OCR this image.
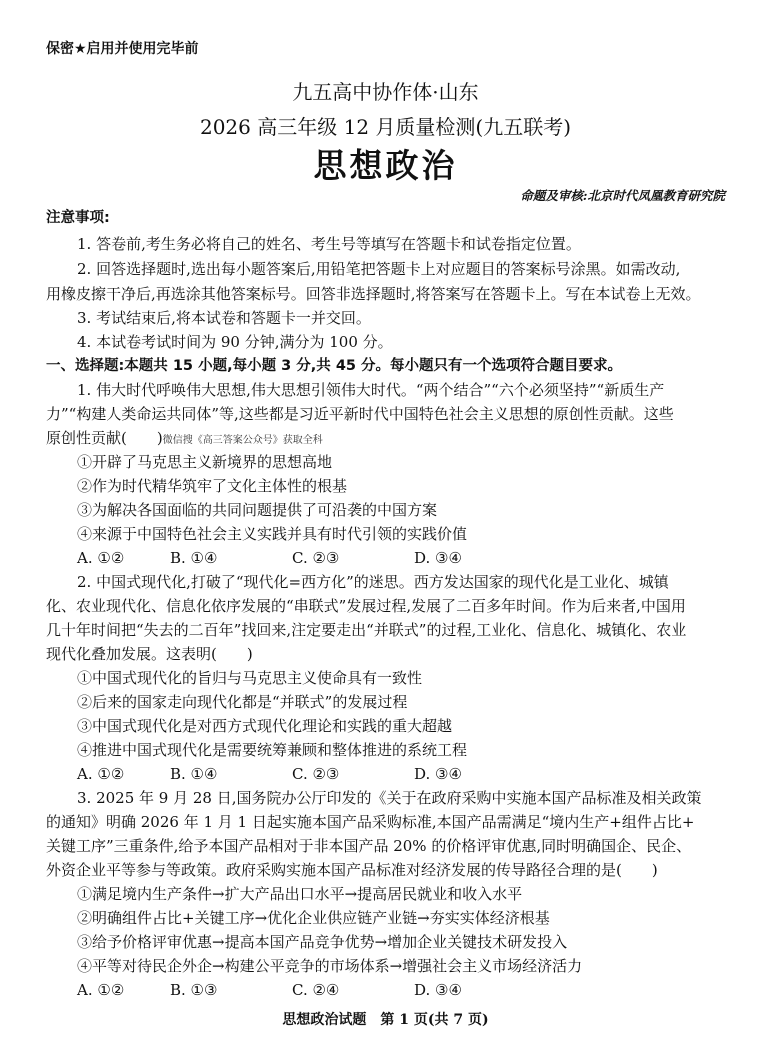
保密★启用并使用完毕前
九五高中协作体·山东
2026 高三年级 12 月质量检测(九五联考)
思想政治
命题及审核:北京时代凤凰教育研究院
注意事项:
1. 答卷前,考生务必将自己的姓名、考生号等填写在答题卡和试卷指定位置。
2. 回答选择题时,选出每小题答案后,用铅笔把答题卡上对应题目的答案标号涂黑。如需改动,
用橡皮擦干净后,再选涂其他答案标号。回答非选择题时,将答案写在答题卡上。写在本试卷上无效。
3. 考试结束后,将本试卷和答题卡一并交回。
4. 本试卷考试时间为 90 分钟,满分为 100 分。
一、选择题:本题共 15 小题,每小题 3 分,共 45 分。每小题只有一个选项符合题目要求。
1. 伟大时代呼唤伟大思想,伟大思想引领伟大时代。“两个结合”“六个必须坚持”“新质生产
力”“构建人类命运共同体”等,这些都是习近平新时代中国特色社会主义思想的原创性贡献。这些
原创性贡献(　　)微信搜《高三答案公众号》获取全科
①开辟了马克思主义新境界的思想高地
②作为时代精华筑牢了文化主体性的根基
③为解决各国面临的共同问题提供了可沿袭的中国方案
④来源于中国特色社会主义实践并具有时代引领的实践价值
A. ①②	B. ①④	C. ②③	D. ③④
2. 中国式现代化,打破了“现代化=西方化”的迷思。西方发达国家的现代化是工业化、城镇
化、农业现代化、信息化依序发展的“串联式”发展过程,发展了二百多年时间。作为后来者,中国用
几十年时间把“失去的二百年”找回来,注定要走出“并联式”的过程,工业化、信息化、城镇化、农业
现代化叠加发展。这表明(　　)
①中国式现代化的旨归与马克思主义使命具有一致性
②后来的国家走向现代化都是“并联式”的发展过程
③中国式现代化是对西方式现代化理论和实践的重大超越
④推进中国式现代化是需要统筹兼顾和整体推进的系统工程
A. ①②	B. ①④	C. ②③	D. ③④
3. 2025 年 9 月 28 日,国务院办公厅印发的《关于在政府采购中实施本国产品标准及相关政策
的通知》明确 2026 年 1 月 1 日起实施本国产品采购标准,本国产品需满足“境内生产+组件占比+
关键工序”三重条件,给予本国产品相对于非本国产品 20% 的价格评审优惠,同时明确国企、民企、
外资企业平等参与等政策。政府采购实施本国产品标准对经济发展的传导路径合理的是(　　)
①满足境内生产条件→扩大产品出口水平→提高居民就业和收入水平
②明确组件占比+关键工序→优化企业供应链产业链→夯实实体经济根基
③给予价格评审优惠→提高本国产品竞争优势→增加企业关键技术研发投入
④平等对待民企外企→构建公平竞争的市场体系→增强社会主义市场经济活力
A. ①②	B. ①③	C. ②④	D. ③④
思想政治试题　第 1 页(共 7 页)
